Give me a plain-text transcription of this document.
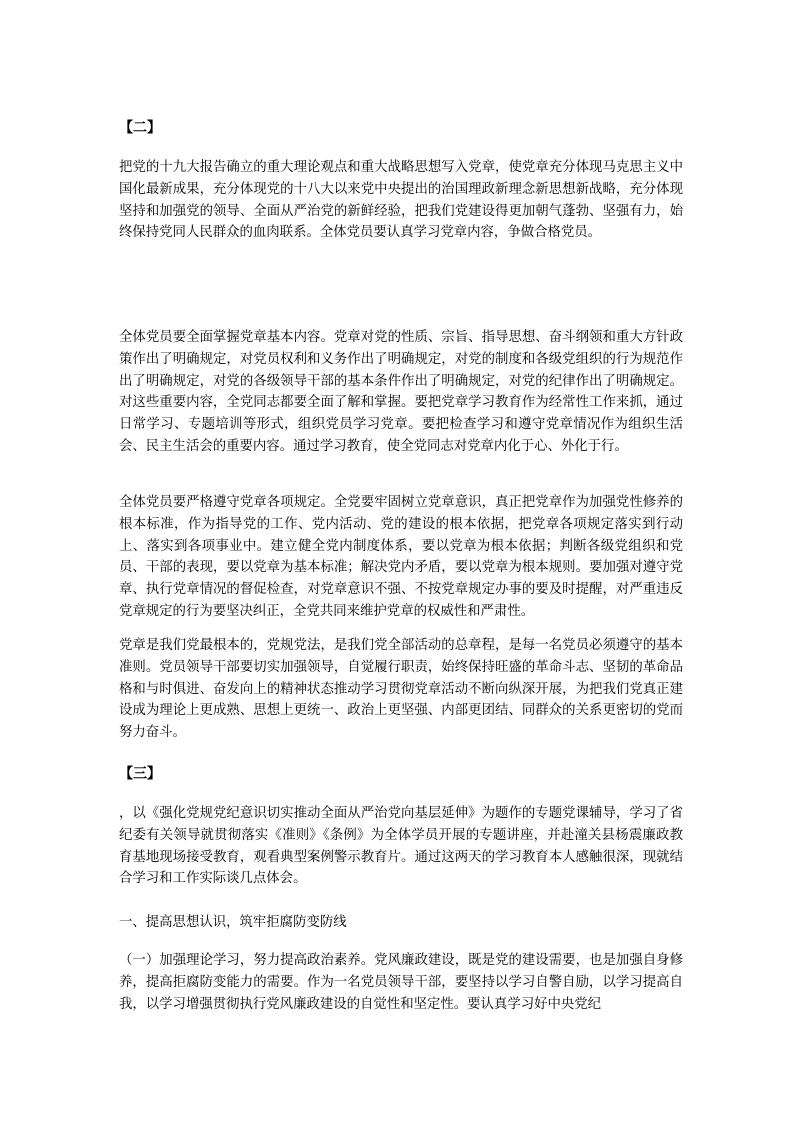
【二】

把党的十九大报告确立的重大理论观点和重大战略思想写入党章，使党章充分体现马克思主义中国化最新成果，充分体现党的十八大以来党中央提出的治国理政新理念新思想新战略，充分体现坚持和加强党的领导、全面从严治党的新鲜经验，把我们党建设得更加朝气蓬勃、坚强有力，始终保持党同人民群众的血肉联系。全体党员要认真学习党章内容，争做合格党员。

全体党员要全面掌握党章基本内容。党章对党的性质、宗旨、指导思想、奋斗纲领和重大方针政策作出了明确规定，对党员权利和义务作出了明确规定，对党的制度和各级党组织的行为规范作出了明确规定，对党的各级领导干部的基本条件作出了明确规定，对党的纪律作出了明确规定。对这些重要内容，全党同志都要全面了解和掌握。要把党章学习教育作为经常性工作来抓，通过日常学习、专题培训等形式，组织党员学习党章。要把检查学习和遵守党章情况作为组织生活会、民主生活会的重要内容。通过学习教育，使全党同志对党章内化于心、外化于行。

全体党员要严格遵守党章各项规定。全党要牢固树立党章意识，真正把党章作为加强党性修养的根本标准，作为指导党的工作、党内活动、党的建设的根本依据，把党章各项规定落实到行动上、落实到各项事业中。建立健全党内制度体系，要以党章为根本依据；判断各级党组织和党员、干部的表现，要以党章为基本标准；解决党内矛盾，要以党章为根本规则。要加强对遵守党章、执行党章情况的督促检查，对党章意识不强、不按党章规定办事的要及时提醒，对严重违反党章规定的行为要坚决纠正，全党共同来维护党章的权威性和严肃性。

党章是我们党最根本的，党规党法，是我们党全部活动的总章程，是每一名党员必须遵守的基本准则。党员领导干部要切实加强领导，自觉履行职责，始终保持旺盛的革命斗志、坚韧的革命品格和与时俱进、奋发向上的精神状态推动学习贯彻党章活动不断向纵深开展，为把我们党真正建设成为理论上更成熟、思想上更统一、政治上更坚强、内部更团结、同群众的关系更密切的党而努力奋斗。

【三】

，以《强化党规党纪意识切实推动全面从严治党向基层延伸》为题作的专题党课辅导，学习了省纪委有关领导就贯彻落实《准则》《条例》为全体学员开展的专题讲座，并赴潼关县杨震廉政教育基地现场接受教育，观看典型案例警示教育片。通过这两天的学习教育本人感触很深，现就结合学习和工作实际谈几点体会。

一、提高思想认识，筑牢拒腐防变防线

（一）加强理论学习，努力提高政治素养。党风廉政建设，既是党的建设需要，也是加强自身修养，提高拒腐防变能力的需要。作为一名党员领导干部，要坚持以学习自警自励，以学习提高自我，以学习增强贯彻执行党风廉政建设的自觉性和坚定性。要认真学习好中央党纪
